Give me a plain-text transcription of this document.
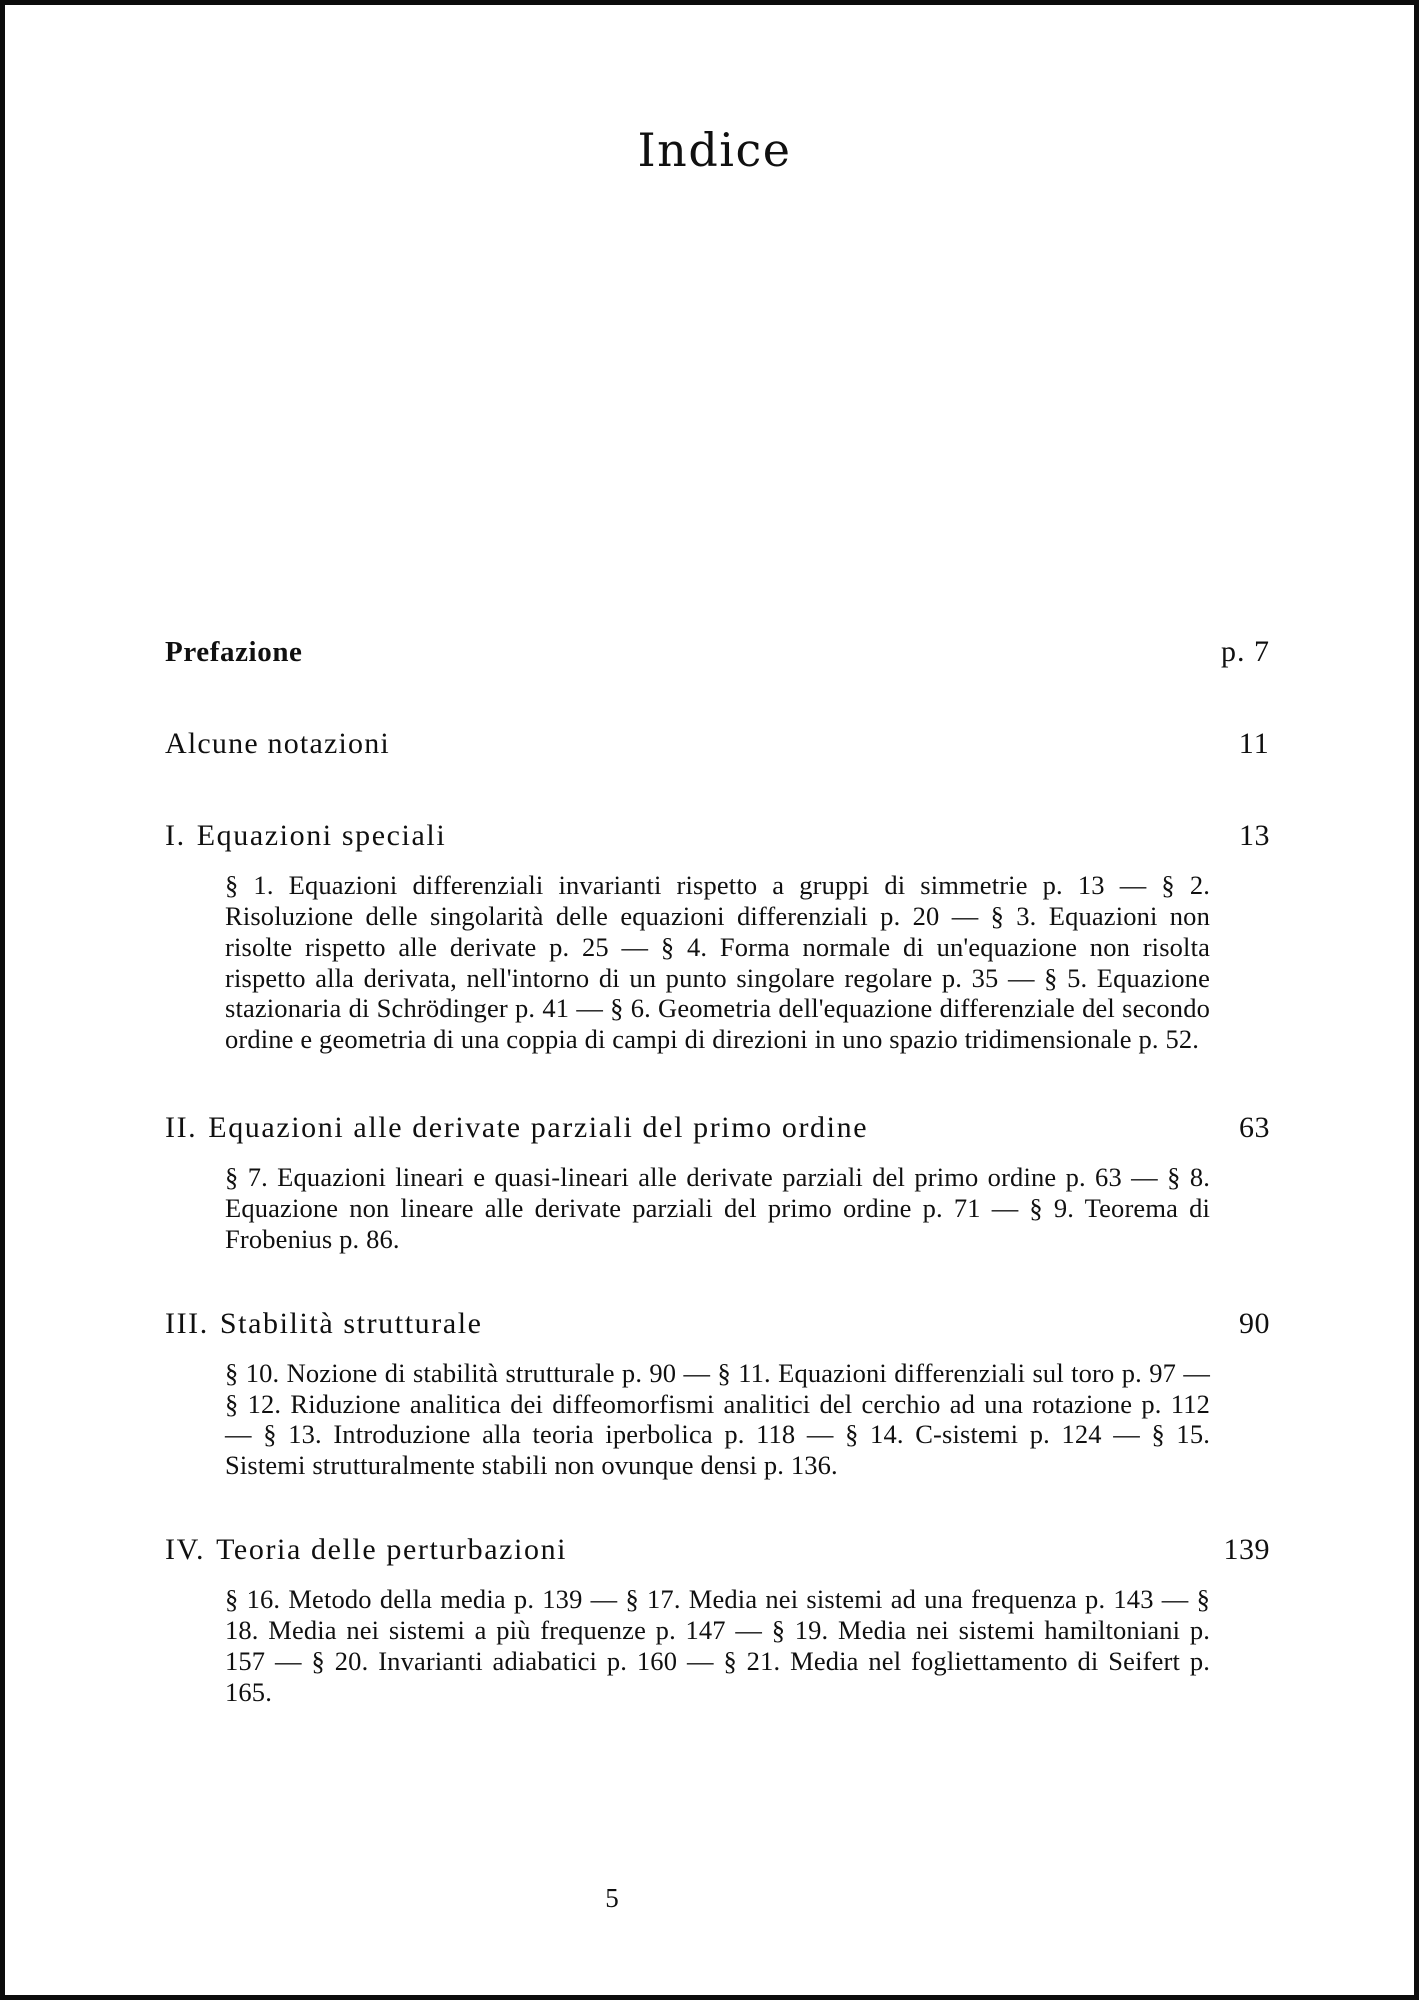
Indice
Prefazione	p. 7
Alcune notazioni	11
I. Equazioni speciali	13
§ 1. Equazioni differenziali invarianti rispetto a gruppi di simmetrie p. 13 — § 2. Risoluzione delle singolarità delle equazioni differenziali p. 20 — § 3. Equazioni non risolte rispetto alle derivate p. 25 — § 4. Forma normale di un'equazione non risolta rispetto alla derivata, nell'intorno di un punto singolare regolare p. 35 — § 5. Equazione stazionaria di Schrödinger p. 41 — § 6. Geometria dell'equazione differenziale del secondo ordine e geometria di una coppia di campi di direzioni in uno spazio tridimensionale p. 52.
II. Equazioni alle derivate parziali del primo ordine	63
§ 7. Equazioni lineari e quasi-lineari alle derivate parziali del primo ordine p. 63 — § 8. Equazione non lineare alle derivate parziali del primo ordine p. 71 — § 9. Teorema di Frobenius p. 86.
III. Stabilità strutturale	90
§ 10. Nozione di stabilità strutturale p. 90 — § 11. Equazioni differenziali sul toro p. 97 — § 12. Riduzione analitica dei diffeomorfismi analitici del cerchio ad una rotazione p. 112 — § 13. Introduzione alla teoria iperbolica p. 118 — § 14. C-sistemi p. 124 — § 15. Sistemi strutturalmente stabili non ovunque densi p. 136.
IV. Teoria delle perturbazioni	139
§ 16. Metodo della media p. 139 — § 17. Media nei sistemi ad una frequenza p. 143 — § 18. Media nei sistemi a più frequenze p. 147 — § 19. Media nei sistemi hamiltoniani p. 157 — § 20. Invarianti adiabatici p. 160 — § 21. Media nel fogliettamento di Seifert p. 165.
5
